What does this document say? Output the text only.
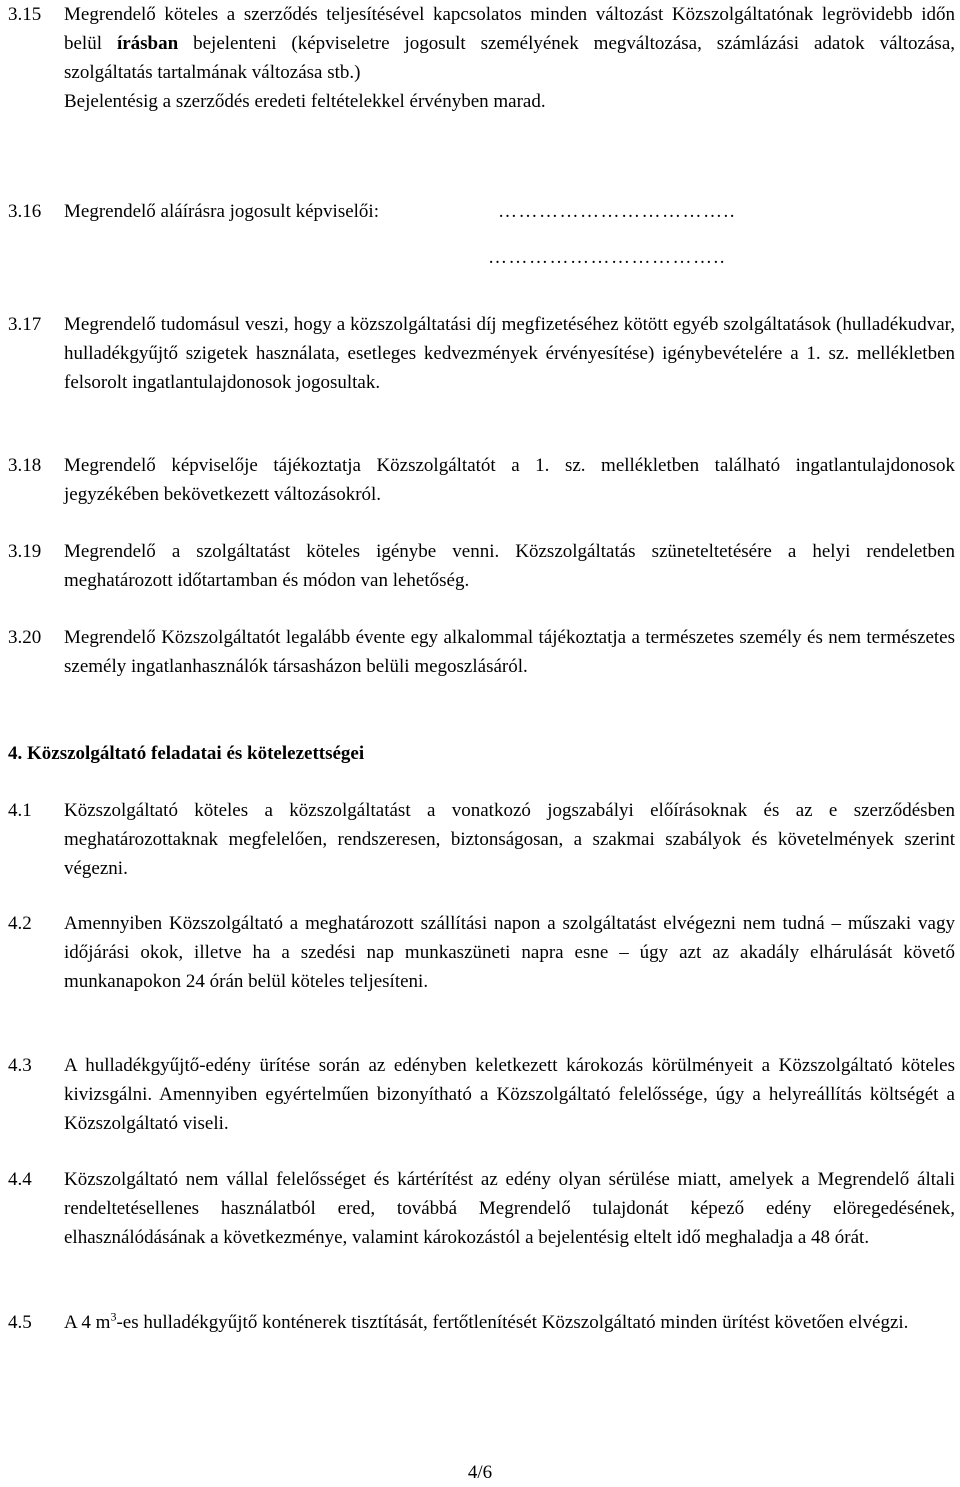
3.15 Megrendelő köteles a szerződés teljesítésével kapcsolatos minden változást Közszolgáltatónak legrövidebb időn belül írásban bejelenteni (képviseletre jogosult személyének megváltozása, számlázási adatok változása, szolgáltatás tartalmának változása stb.)
Bejelentésig a szerződés eredeti feltételekkel érvényben marad.
3.16 Megrendelő aláírásra jogosult képviselői:	……………………………..
……………………………..
3.17 Megrendelő tudomásul veszi, hogy a közszolgáltatási díj megfizetéséhez kötött egyéb szolgáltatások (hulladékudvar, hulladékgyűjtő szigetek használata, esetleges kedvezmények érvényesítése) igénybevételére a 1. sz. mellékletben felsorolt ingatlantulajdonosok jogosultak.
3.18 Megrendelő képviselője tájékoztatja Közszolgáltatót a 1. sz. mellékletben található ingatlantulajdonosok jegyzékében bekövetkezett változásokról.
3.19 Megrendelő a szolgáltatást köteles igénybe venni. Közszolgáltatás szüneteltetésére a helyi rendeletben meghatározott időtartamban és módon van lehetőség.
3.20 Megrendelő Közszolgáltatót legalább évente egy alkalommal tájékoztatja a természetes személy és nem természetes személy ingatlanhasználók társasházon belüli megoszlásáról.
4. Közszolgáltató feladatai és kötelezettségei
4.1 Közszolgáltató köteles a közszolgáltatást a vonatkozó jogszabályi előírásoknak és az e szerződésben meghatározottaknak megfelelően, rendszeresen, biztonságosan, a szakmai szabályok és követelmények szerint végezni.
4.2 Amennyiben Közszolgáltató a meghatározott szállítási napon a szolgáltatást elvégezni nem tudná – műszaki vagy időjárási okok, illetve ha a szedési nap munkaszüneti napra esne – úgy azt az akadály elhárulását követő munkanapokon 24 órán belül köteles teljesíteni.
4.3 A hulladékgyűjtő-edény ürítése során az edényben keletkezett károkozás körülményeit a Közszolgáltató köteles kivizsgálni. Amennyiben egyértelműen bizonyítható a Közszolgáltató felelőssége, úgy a helyreállítás költségét a Közszolgáltató viseli.
4.4 Közszolgáltató nem vállal felelősséget és kártérítést az edény olyan sérülése miatt, amelyek a Megrendelő általi rendeltetésellenes használatból ered, továbbá Megrendelő tulajdonát képező edény elöregedésének, elhasználódásának a következménye, valamint károkozástól a bejelentésig eltelt idő meghaladja a 48 órát.
4.5 A 4 $m^3-es$ hulladékgyűjtő konténerek tisztítását, fertőtlenítését Közszolgáltató minden ürítést követően elvégzi.
4/6
